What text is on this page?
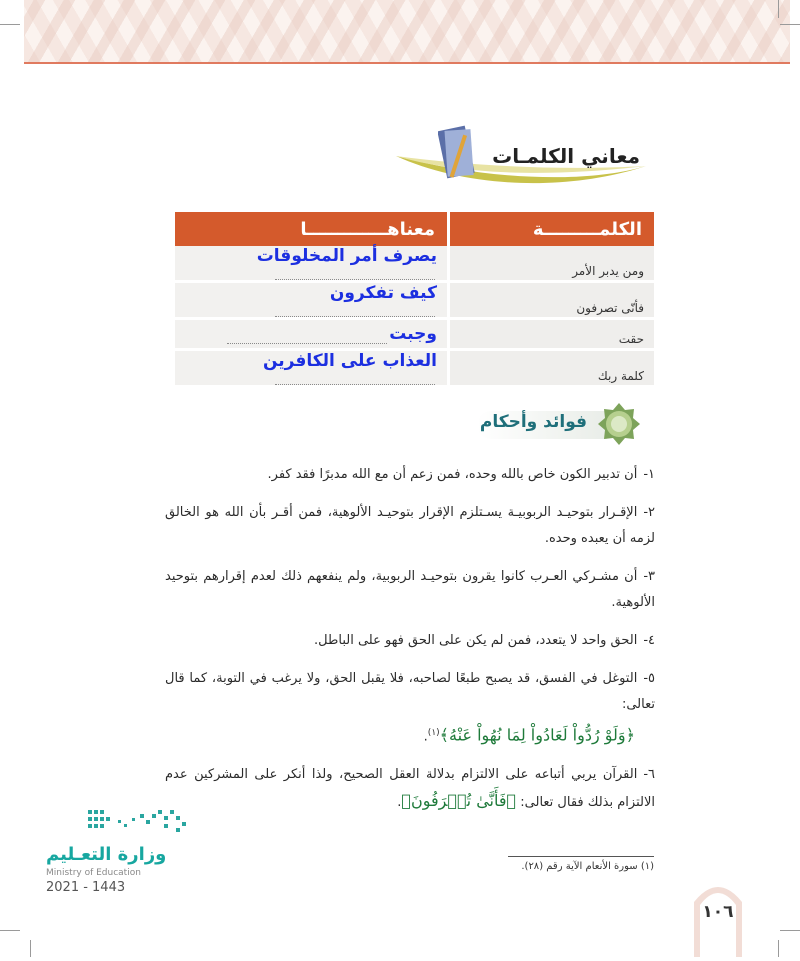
معاني الكلمـات
الكلمـــــــــة	معناهـــــــــــــا
ومن يدبر الأمر	يصرف أمر المخلوقات
فأنّى تصرفون	كيف تفكرون
حقت	وجبت
كلمة ربك	العذاب على الكافرين
فوائد وأحكام
١-أن تدبير الكون خاص بالله وحده، فمن زعم أن مع الله مدبرًا فقد كفر.
٢-الإقـرار بتوحيـد الربوبيـة يسـتلزم الإقرار بتوحيـد الألوهية، فمن أقـر بأن الله هو الخالق لزمه أن يعبده وحده.
٣-أن مشـركي العـرب كانوا يقرون بتوحيـد الربوبية، ولم ينفعهم ذلك لعدم إقرارهم بتوحيد الألوهية.
٤-الحق واحد لا يتعدد، فمن لم يكن على الحق فهو على الباطل.
٥-التوغل في الفسق، قد يصبح طبعًا لصاحبه، فلا يقبل الحق، ولا يرغب في التوبة، كما قال تعالى:
﴿وَلَوْ رُدُّواْ لَعَادُواْ لِمَا نُهُواْ عَنْهُ﴾$^{(١)}$.
٦-القرآن يربي أتباعه على الالتزام بدلالة العقل الصحيح، ولذا أنكر على المشركين عدم الالتزام بذلك فقال تعالى: ﴿فَأَنَّىٰ تُصۡرَفُونَ﴾.
(١) سورة الأنعام الآية رقم (٢٨).
وزارة التعـليم
Ministry of Education
2021 - 1443
١٠٦
